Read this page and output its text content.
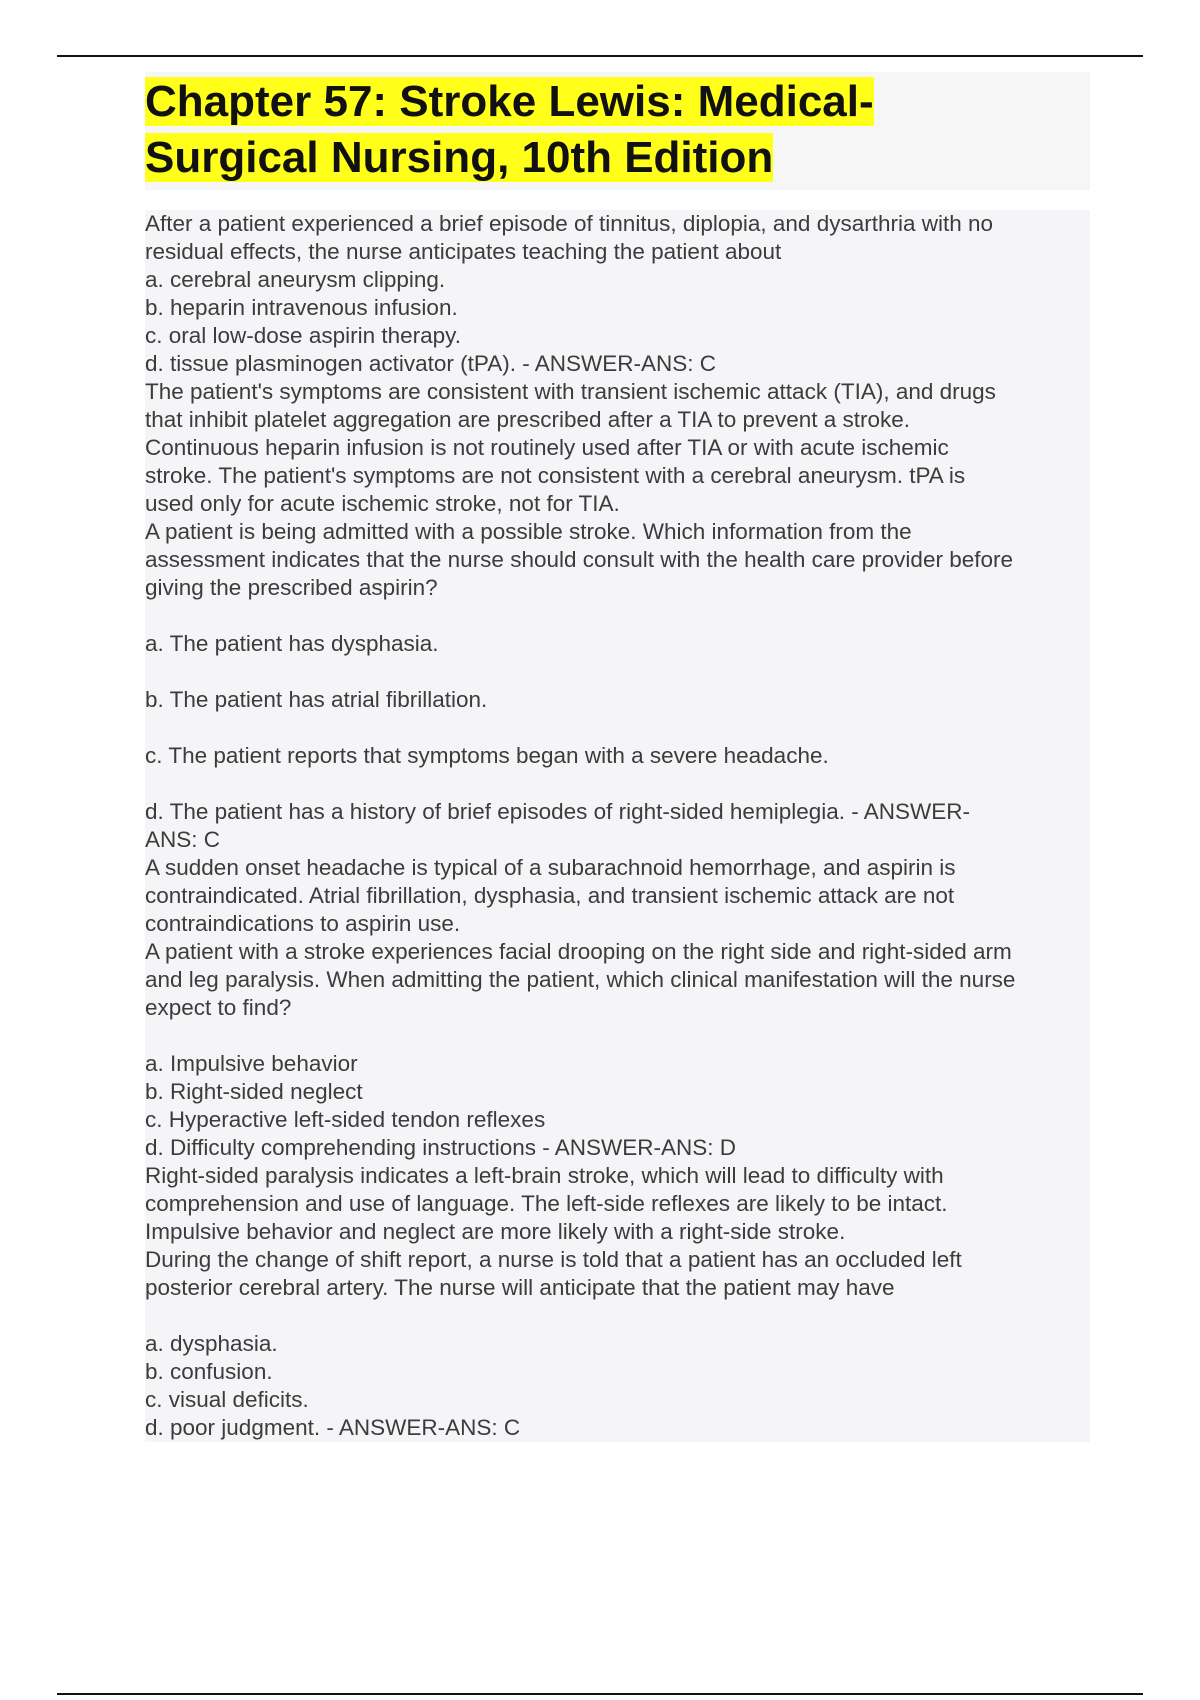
Chapter 57: Stroke Lewis: Medical-
Surgical Nursing, 10th Edition
After a patient experienced a brief episode of tinnitus, diplopia, and dysarthria with no
residual effects, the nurse anticipates teaching the patient about
a. cerebral aneurysm clipping.
b. heparin intravenous infusion.
c. oral low-dose aspirin therapy.
d. tissue plasminogen activator (tPA). - ANSWER-ANS: C
The patient's symptoms are consistent with transient ischemic attack (TIA), and drugs
that inhibit platelet aggregation are prescribed after a TIA to prevent a stroke.
Continuous heparin infusion is not routinely used after TIA or with acute ischemic
stroke. The patient's symptoms are not consistent with a cerebral aneurysm. tPA is
used only for acute ischemic stroke, not for TIA.
A patient is being admitted with a possible stroke. Which information from the
assessment indicates that the nurse should consult with the health care provider before
giving the prescribed aspirin?
a. The patient has dysphasia.
b. The patient has atrial fibrillation.
c. The patient reports that symptoms began with a severe headache.
d. The patient has a history of brief episodes of right-sided hemiplegia. - ANSWER-
ANS: C
A sudden onset headache is typical of a subarachnoid hemorrhage, and aspirin is
contraindicated. Atrial fibrillation, dysphasia, and transient ischemic attack are not
contraindications to aspirin use.
A patient with a stroke experiences facial drooping on the right side and right-sided arm
and leg paralysis. When admitting the patient, which clinical manifestation will the nurse
expect to find?
a. Impulsive behavior
b. Right-sided neglect
c. Hyperactive left-sided tendon reflexes
d. Difficulty comprehending instructions - ANSWER-ANS: D
Right-sided paralysis indicates a left-brain stroke, which will lead to difficulty with
comprehension and use of language. The left-side reflexes are likely to be intact.
Impulsive behavior and neglect are more likely with a right-side stroke.
During the change of shift report, a nurse is told that a patient has an occluded left
posterior cerebral artery. The nurse will anticipate that the patient may have
a. dysphasia.
b. confusion.
c. visual deficits.
d. poor judgment. - ANSWER-ANS: C
